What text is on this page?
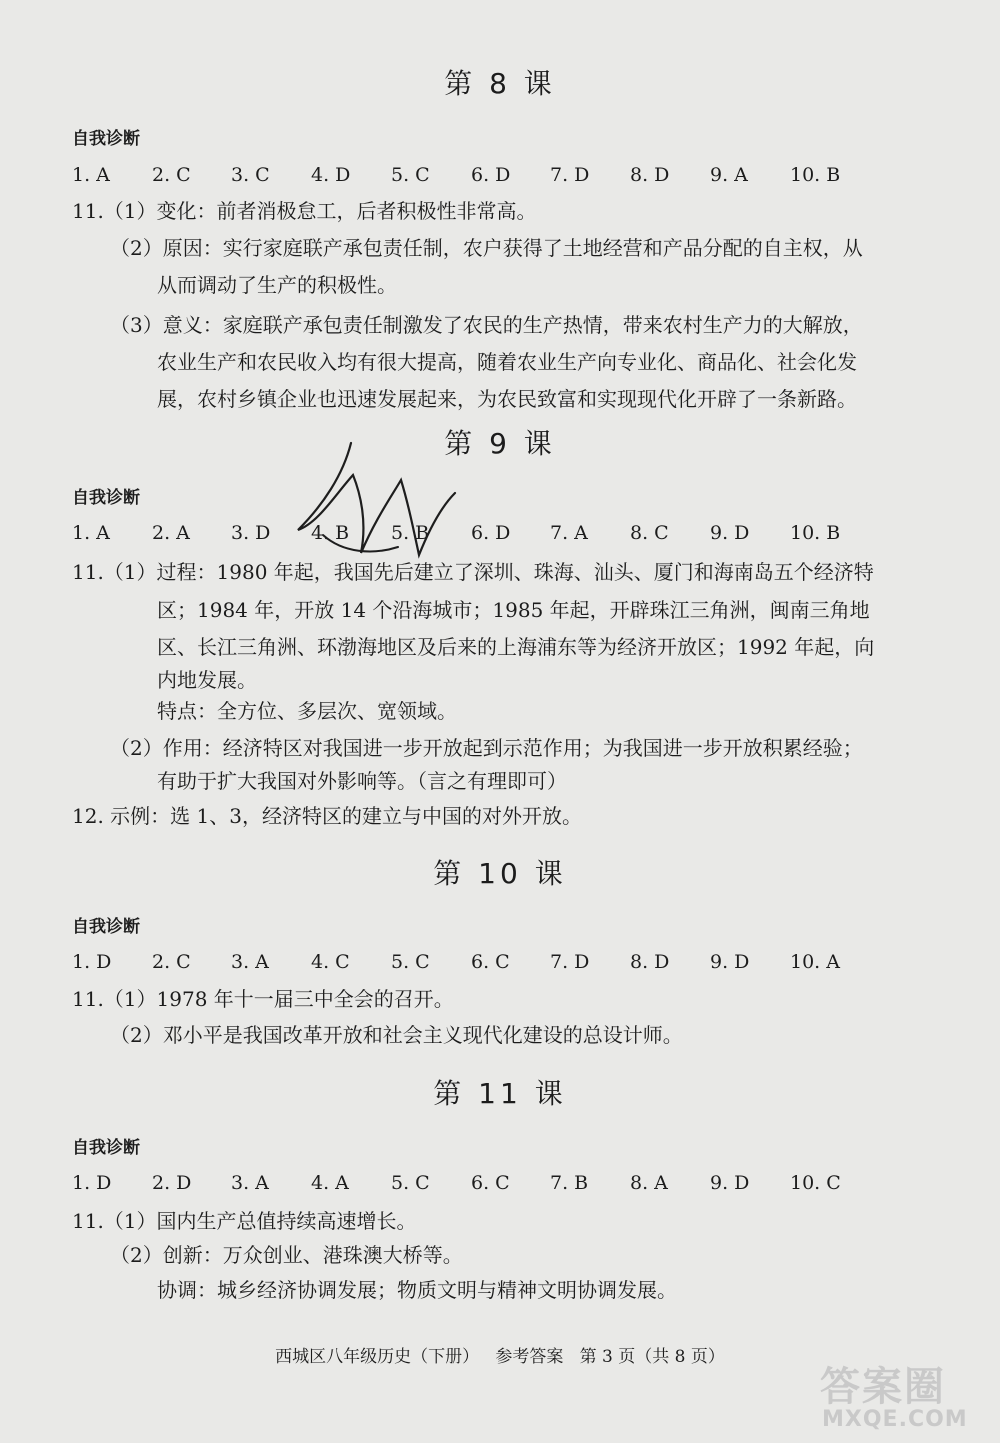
第 8 课
自我诊断
1. A 2. C 3. C 4. D 5. C 6. D 7. D 8. D 9. A 10. B
11.（1）变化：前者消极怠工，后者积极性非常高。
（2）原因：实行家庭联产承包责任制，农户获得了土地经营和产品分配的自主权，从
从而调动了生产的积极性。
（3）意义：家庭联产承包责任制激发了农民的生产热情，带来农村生产力的大解放，
农业生产和农民收入均有很大提高，随着农业生产向专业化、商品化、社会化发
展，农村乡镇企业也迅速发展起来，为农民致富和实现现代化开辟了一条新路。
第 9 课
自我诊断
1. A 2. A 3. D 4. B 5. B 6. D 7. A 8. C 9. D 10. B
11.（1）过程：1980 年起，我国先后建立了深圳、珠海、汕头、厦门和海南岛五个经济特
区；1984 年，开放 14 个沿海城市；1985 年起，开辟珠江三角洲，闽南三角地
区、长江三角洲、环渤海地区及后来的上海浦东等为经济开放区；1992 年起，向
内地发展。
特点：全方位、多层次、宽领域。
（2）作用：经济特区对我国进一步开放起到示范作用；为我国进一步开放积累经验；
有助于扩大我国对外影响等。（言之有理即可）
12. 示例：选 1、3，经济特区的建立与中国的对外开放。
第 10 课
自我诊断
1. D 2. C 3. A 4. C 5. C 6. C 7. D 8. D 9. D 10. A
11.（1）1978 年十一届三中全会的召开。
（2）邓小平是我国改革开放和社会主义现代化建设的总设计师。
第 11 课
自我诊断
1. D 2. D 3. A 4. A 5. C 6. C 7. B 8. A 9. D 10. C
11.（1）国内生产总值持续高速增长。
（2）创新：万众创业、港珠澳大桥等。
协调：城乡经济协调发展；物质文明与精神文明协调发展。
西城区八年级历史（下册）   参考答案   第 3 页（共 8 页）
答案圈
MXQE.COM
